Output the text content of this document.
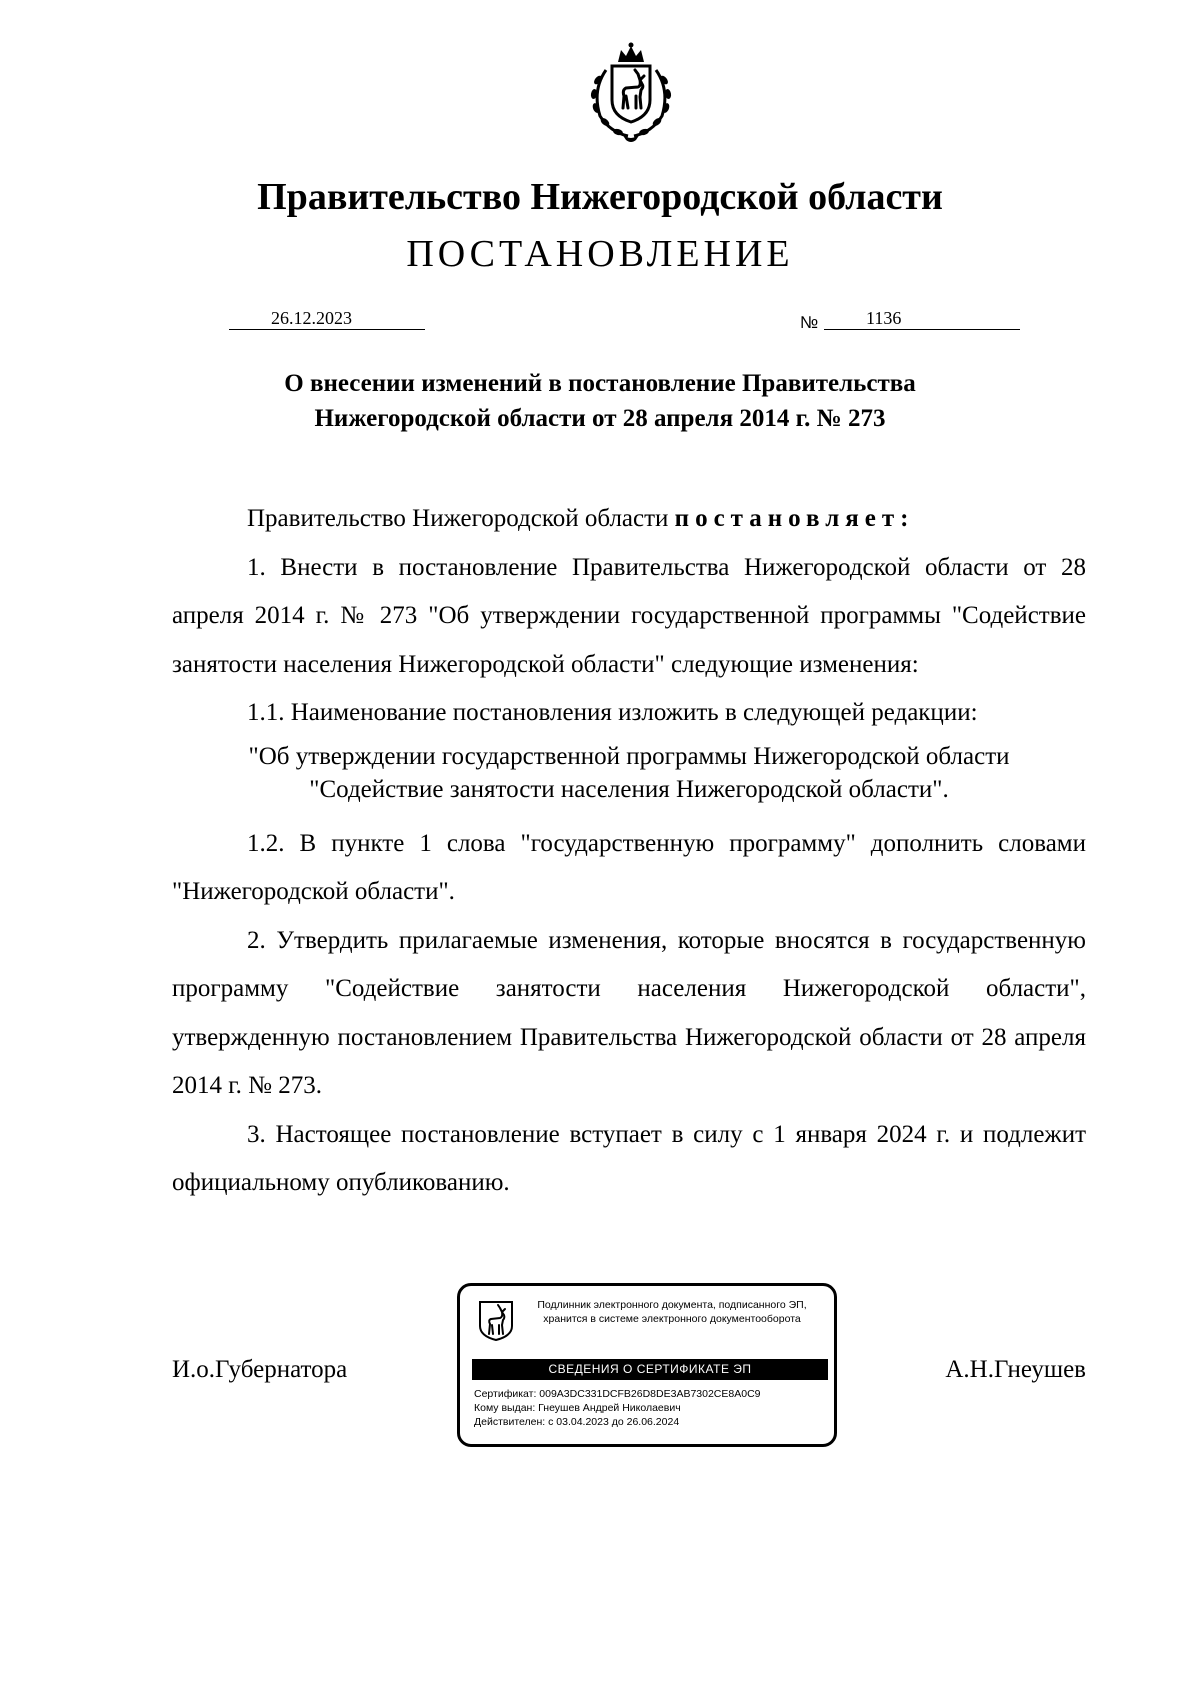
Правительство Нижегородской области
ПОСТАНОВЛЕНИЕ
26.12.2023	№	1136
О внесении изменений в постановление Правительства
Нижегородской области от 28 апреля 2014 г. № 273

Правительство Нижегородской области постановляет:

1. Внести в постановление Правительства Нижегородской области от 28 апреля 2014 г. № 273 "Об утверждении государственной программы "Содействие занятости населения Нижегородской области" следующие изменения:

1.1. Наименование постановления изложить в следующей редакции:

"Об утверждении государственной программы Нижегородской области
"Содействие занятости населения Нижегородской области".

1.2. В пункте 1 слова "государственную программу" дополнить словами "Нижегородской области".

2. Утвердить прилагаемые изменения, которые вносятся в государственную программу "Содействие занятости населения Нижегородской области", утвержденную постановлением Правительства Нижегородской области от 28 апреля 2014 г. № 273.

3. Настоящее постановление вступает в силу с 1 января 2024 г. и подлежит официальному опубликованию.

И.о.Губернатора	А.Н.Гнеушев
Подлинник электронного документа, подписанного ЭП,
хранится в системе электронного документооборота
СВЕДЕНИЯ О СЕРТИФИКАТЕ ЭП
Сертификат: 009A3DC331DCFB26D8DE3AB7302CE8A0C9
Кому выдан: Гнеушев Андрей Николаевич
Действителен: с 03.04.2023 до 26.06.2024
